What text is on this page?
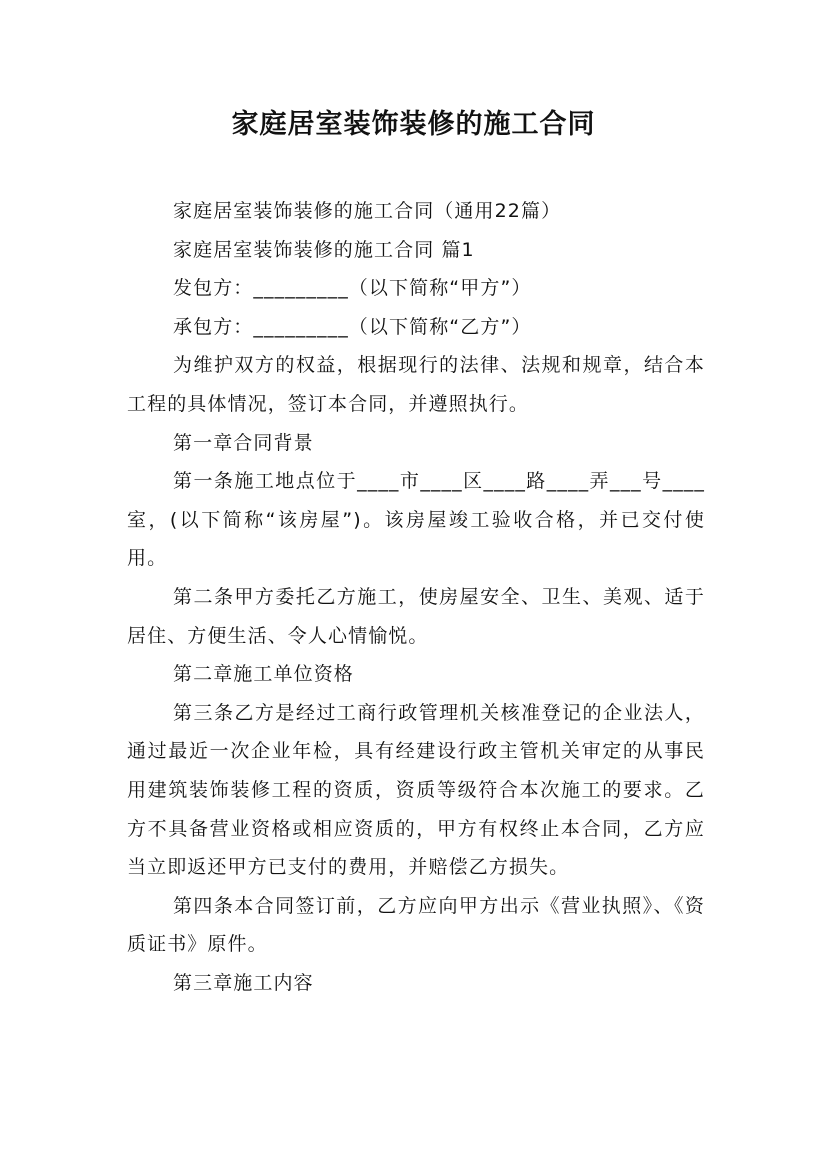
家庭居室装饰装修的施工合同

家庭居室装饰装修的施工合同（通用22篇）

家庭居室装饰装修的施工合同 篇1

发包方：_________（以下简称“甲方”）

承包方：_________（以下简称“乙方”）

为维护双方的权益，根据现行的法律、法规和规章，结合本工程的具体情况，签订本合同，并遵照执行。

第一章合同背景

第一条施工地点位于____市____区____路____弄___号____室，(以下简称“该房屋”)。该房屋竣工验收合格，并已交付使用。

第二条甲方委托乙方施工，使房屋安全、卫生、美观、适于居住、方便生活、令人心情愉悦。

第二章施工单位资格

第三条乙方是经过工商行政管理机关核准登记的企业法人，通过最近一次企业年检，具有经建设行政主管机关审定的从事民用建筑装饰装修工程的资质，资质等级符合本次施工的要求。乙方不具备营业资格或相应资质的，甲方有权终止本合同，乙方应当立即返还甲方已支付的费用，并赔偿乙方损失。

第四条本合同签订前，乙方应向甲方出示《营业执照》、《资质证书》原件。

第三章施工内容
